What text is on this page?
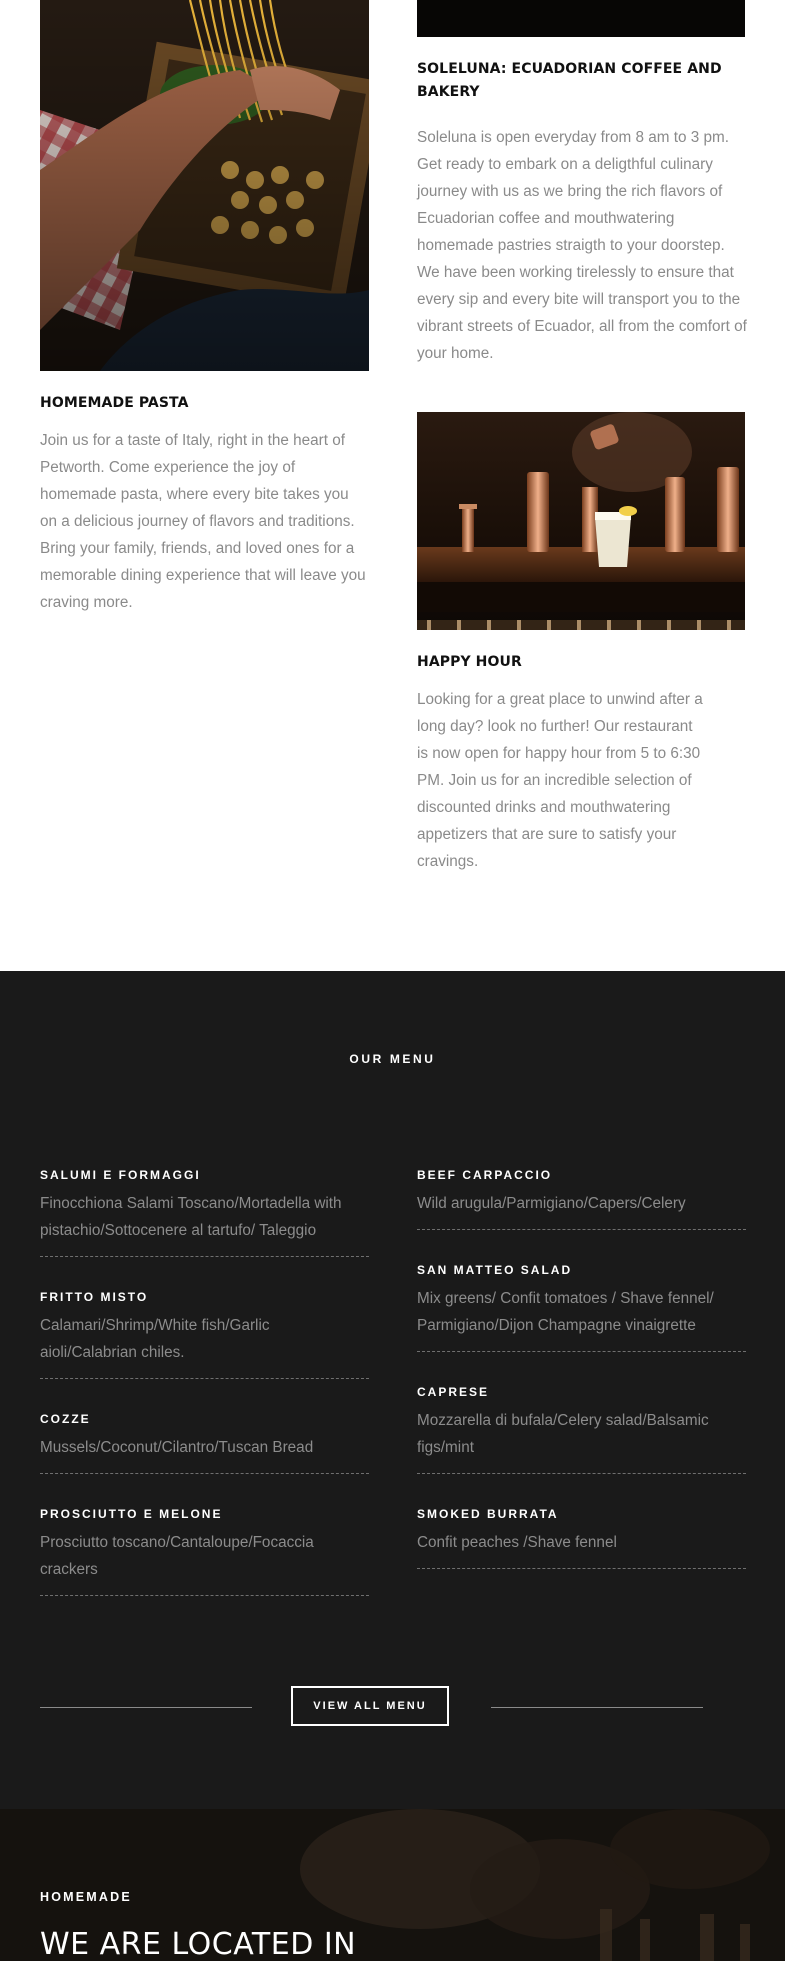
SOLELUNA: ECUADORIAN COFFEE AND BAKERY
Soleluna is open everyday from 8 am to 3 pm. Get ready to embark on a deligthful culinary journey with us as we bring the rich flavors of Ecuadorian coffee and mouthwatering homemade pastries straigth to your doorstep. We have been working tirelessly to ensure that every sip and every bite will transport you to the vibrant streets of Ecuador, all from the comfort of your home.
HOMEMADE PASTA
Join us for a taste of Italy, right in the heart of Petworth. Come experience the joy of homemade pasta, where every bite takes you on a delicious journey of flavors and traditions. Bring your family, friends, and loved ones for a memorable dining experience that will leave you craving more.
HAPPY HOUR
Looking for a great place to unwind after a long day? look no further! Our restaurant is now open for happy hour from 5 to 6:30 PM. Join us for an incredible selection of discounted drinks and mouthwatering appetizers that are sure to satisfy your cravings.
OUR MENU
SALUMI E FORMAGGI
Finocchiona Salami Toscano/Mortadella with pistachio/Sottocenere al tartufo/ Taleggio
FRITTO MISTO
Calamari/Shrimp/White fish/Garlic aioli/Calabrian chiles.
COZZE
Mussels/Coconut/Cilantro/Tuscan Bread
PROSCIUTTO E MELONE
Prosciutto toscano/Cantaloupe/Focaccia crackers
BEEF CARPACCIO
Wild arugula/Parmigiano/Capers/Celery
SAN MATTEO SALAD
Mix greens/ Confit tomatoes / Shave fennel/ Parmigiano/Dijon Champagne vinaigrette
CAPRESE
Mozzarella di bufala/Celery salad/Balsamic figs/mint
SMOKED BURRATA
Confit peaches /Shave fennel
VIEW ALL MENU
HOMEMADE
WE ARE LOCATED IN
